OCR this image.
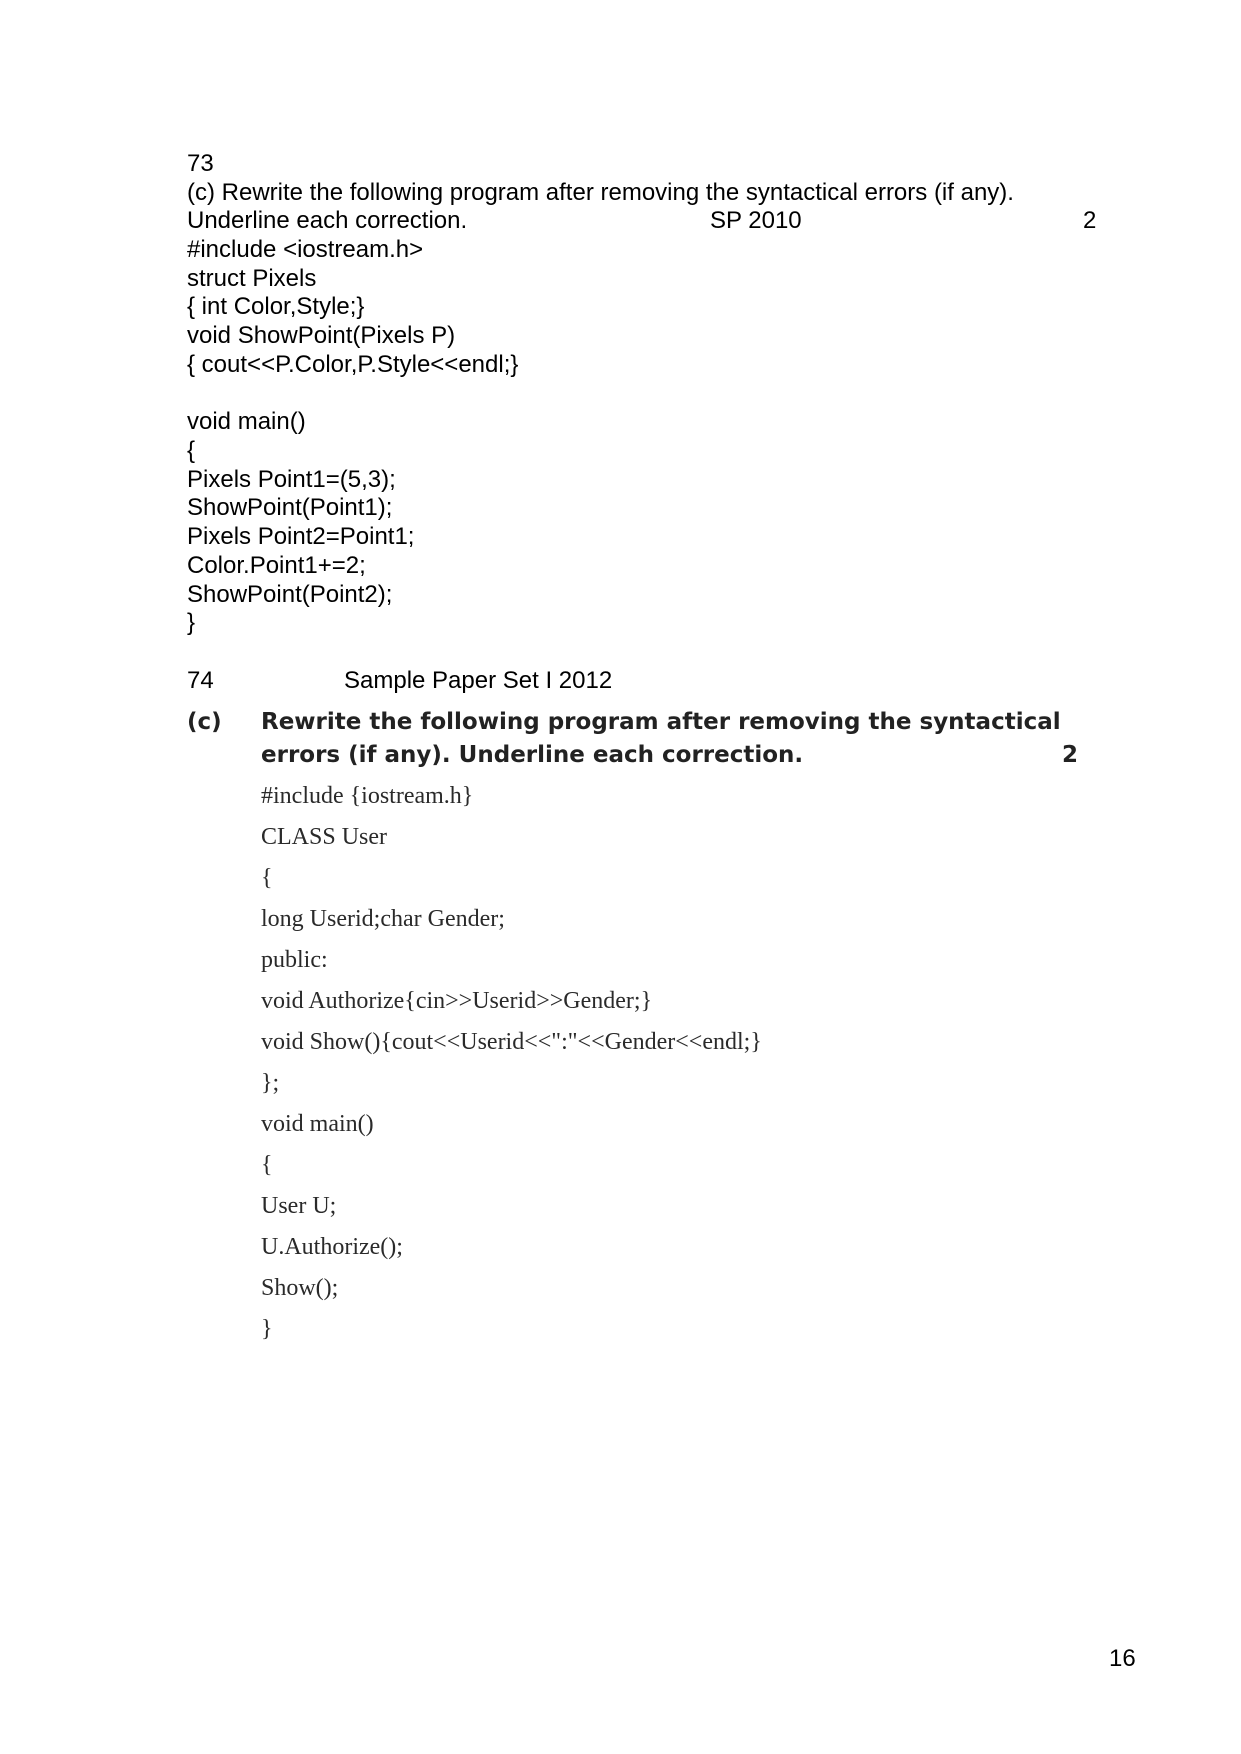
73
(c) Rewrite the following program after removing the syntactical errors (if any).
Underline each correction.	SP 2010	2
#include <iostream.h>
struct Pixels
{ int Color,Style;}
void ShowPoint(Pixels P)
{ cout<<P.Color,P.Style<<endl;}
void main()
{
Pixels Point1=(5,3);
ShowPoint(Point1);
Pixels Point2=Point1;
Color.Point1+=2;
ShowPoint(Point2);
}
74	Sample Paper Set I 2012
(c) Rewrite the following program after removing the syntactical
errors (if any). Underline each correction.	2
#include {iostream.h}
CLASS User
{
long Userid;char Gender;
public:
void Authorize{cin>>Userid>>Gender;}
void Show(){cout<<Userid<<":"<<Gender<<endl;}
};
void main()
{
User U;
U.Authorize();
Show();
}
16
